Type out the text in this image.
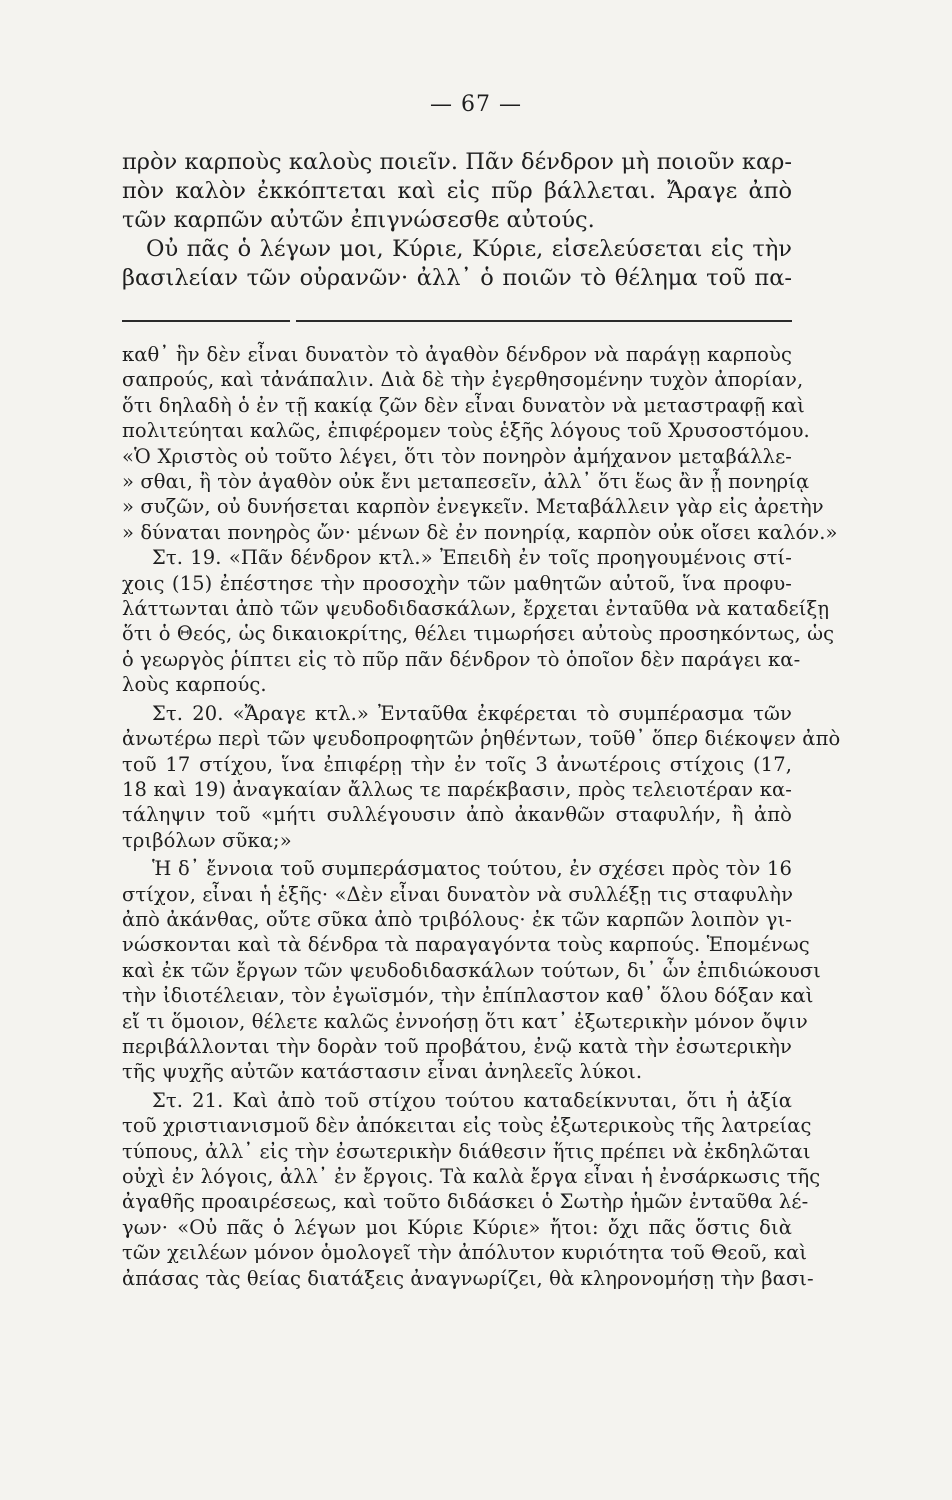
— 67 —
πρὸν καρποὺς καλοὺς ποιεῖν. Πᾶν δένδρον μὴ ποιοῦν καρ-
πὸν καλὸν ἐκκόπτεται καὶ εἰς πῦρ βάλλεται. Ἄραγε ἀπὸ
τῶν καρπῶν αὐτῶν ἐπιγνώσεσθε αὐτούς.
Οὐ πᾶς ὁ λέγων μοι, Κύριε, Κύριε, εἰσελεύσεται εἰς τὴν
βασιλείαν τῶν οὐρανῶν· ἀλλ᾽ ὁ ποιῶν τὸ θέλημα τοῦ πα-
καθ᾽ ἣν δὲν εἶναι δυνατὸν τὸ ἀγαθὸν δένδρον νὰ παράγῃ καρποὺς
σαπρούς, καὶ τἀνάπαλιν. Διὰ δὲ τὴν ἐγερθησομένην τυχὸν ἀπορίαν,
ὅτι δηλαδὴ ὁ ἐν τῇ κακίᾳ ζῶν δὲν εἶναι δυνατὸν νὰ μεταστραφῇ καὶ
πολιτεύηται καλῶς, ἐπιφέρομεν τοὺς ἑξῆς λόγους τοῦ Χρυσοστόμου.
«Ὁ Χριστὸς οὐ τοῦτο λέγει, ὅτι τὸν πονηρὸν ἀμήχανον μεταβάλλε-
» σθαι, ἢ τὸν ἀγαθὸν οὐκ ἔνι μεταπεσεῖν, ἀλλ᾽ ὅτι ἕως ἂν ᾖ πονηρίᾳ
» συζῶν, οὐ δυνήσεται καρπὸν ἐνεγκεῖν. Μεταβάλλειν γὰρ εἰς ἀρετὴν
» δύναται πονηρὸς ὤν· μένων δὲ ἐν πονηρίᾳ, καρπὸν οὐκ οἴσει καλόν.»
Στ. 19. «Πᾶν δένδρον κτλ.» Ἐπειδὴ ἐν τοῖς προηγουμένοις στί-
χοις (15) ἐπέστησε τὴν προσοχὴν τῶν μαθητῶν αὐτοῦ, ἵνα προφυ-
λάττωνται ἀπὸ τῶν ψευδοδιδασκάλων, ἔρχεται ἐνταῦθα νὰ καταδείξῃ
ὅτι ὁ Θεός, ὡς δικαιοκρίτης, θέλει τιμωρήσει αὐτοὺς προσηκόντως, ὡς
ὁ γεωργὸς ῥίπτει εἰς τὸ πῦρ πᾶν δένδρον τὸ ὁποῖον δὲν παράγει κα-
λοὺς καρπούς.
Στ. 20. «Ἄραγε κτλ.» Ἐνταῦθα ἐκφέρεται τὸ συμπέρασμα τῶν
ἀνωτέρω περὶ τῶν ψευδοπροφητῶν ῥηθέντων, τοῦθ᾽ ὅπερ διέκοψεν ἀπὸ
τοῦ 17 στίχου, ἵνα ἐπιφέρῃ τὴν ἐν τοῖς 3 ἀνωτέροις στίχοις (17,
18 καὶ 19) ἀναγκαίαν ἄλλως τε παρέκβασιν, πρὸς τελειοτέραν κα-
τάληψιν τοῦ «μήτι συλλέγουσιν ἀπὸ ἀκανθῶν σταφυλήν, ἢ ἀπὸ
τριβόλων σῦκα;»
Ἡ δ᾽ ἔννοια τοῦ συμπεράσματος τούτου, ἐν σχέσει πρὸς τὸν 16
στίχον, εἶναι ἡ ἑξῆς· «Δὲν εἶναι δυνατὸν νὰ συλλέξῃ τις σταφυλὴν
ἀπὸ ἀκάνθας, οὔτε σῦκα ἀπὸ τριβόλους· ἐκ τῶν καρπῶν λοιπὸν γι-
νώσκονται καὶ τὰ δένδρα τὰ παραγαγόντα τοὺς καρπούς. Ἑπομένως
καὶ ἐκ τῶν ἔργων τῶν ψευδοδιδασκάλων τούτων, δι᾽ ὧν ἐπιδιώκουσι
τὴν ἰδιοτέλειαν, τὸν ἐγωϊσμόν, τὴν ἐπίπλαστον καθ᾽ ὅλου δόξαν καὶ
εἴ τι ὅμοιον, θέλετε καλῶς ἐννοήσῃ ὅτι κατ᾽ ἐξωτερικὴν μόνον ὄψιν
περιβάλλονται τὴν δορὰν τοῦ προβάτου, ἐνῷ κατὰ τὴν ἐσωτερικὴν
τῆς ψυχῆς αὐτῶν κατάστασιν εἶναι ἀνηλεεῖς λύκοι.
Στ. 21. Καὶ ἀπὸ τοῦ στίχου τούτου καταδείκνυται, ὅτι ἡ ἀξία
τοῦ χριστιανισμοῦ δὲν ἀπόκειται εἰς τοὺς ἐξωτερικοὺς τῆς λατρείας
τύπους, ἀλλ᾽ εἰς τὴν ἐσωτερικὴν διάθεσιν ἥτις πρέπει νὰ ἐκδηλῶται
οὐχὶ ἐν λόγοις, ἀλλ᾽ ἐν ἔργοις. Τὰ καλὰ ἔργα εἶναι ἡ ἐνσάρκωσις τῆς
ἀγαθῆς προαιρέσεως, καὶ τοῦτο διδάσκει ὁ Σωτὴρ ἡμῶν ἐνταῦθα λέ-
γων· «Οὐ πᾶς ὁ λέγων μοι Κύριε Κύριε» ἤτοι: ὄχι πᾶς ὅστις διὰ
τῶν χειλέων μόνον ὁμολογεῖ τὴν ἀπόλυτον κυριότητα τοῦ Θεοῦ, καὶ
ἀπάσας τὰς θείας διατάξεις ἀναγνωρίζει, θὰ κληρονομήσῃ τὴν βασι-
